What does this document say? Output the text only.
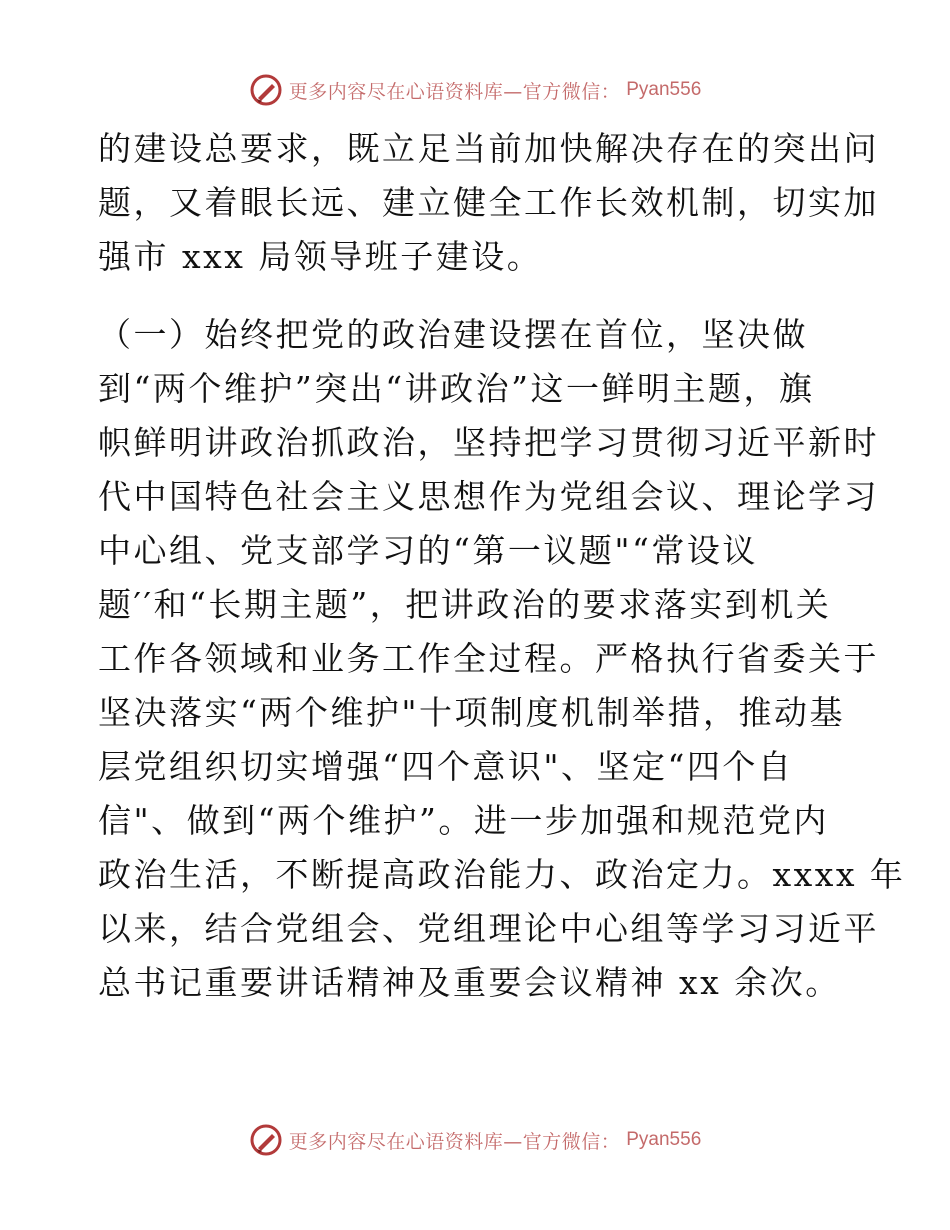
更多内容尽在心语资料库—官方微信： Pyan556
的建设总要求，既立足当前加快解决存在的突出问
题，又着眼长远、建立健全工作长效机制，切实加
强市 xxx 局领导班子建设。
（一）始终把党的政治建设摆在首位，坚决做
到“两个维护”突出“讲政治”这一鲜明主题，旗
帜鲜明讲政治抓政治，坚持把学习贯彻习近平新时
代中国特色社会主义思想作为党组会议、理论学习
中心组、党支部学习的“第一议题"“常设议
题′′和“长期主题”，把讲政治的要求落实到机关
工作各领域和业务工作全过程。严格执行省委关于
坚决落实“两个维护"十项制度机制举措，推动基
层党组织切实增强“四个意识"、坚定“四个自
信"、做到“两个维护”。进一步加强和规范党内
政治生活，不断提高政治能力、政治定力。xxxx 年
以来，结合党组会、党组理论中心组等学习习近平
总书记重要讲话精神及重要会议精神 xx 余次。
更多内容尽在心语资料库—官方微信： Pyan556
